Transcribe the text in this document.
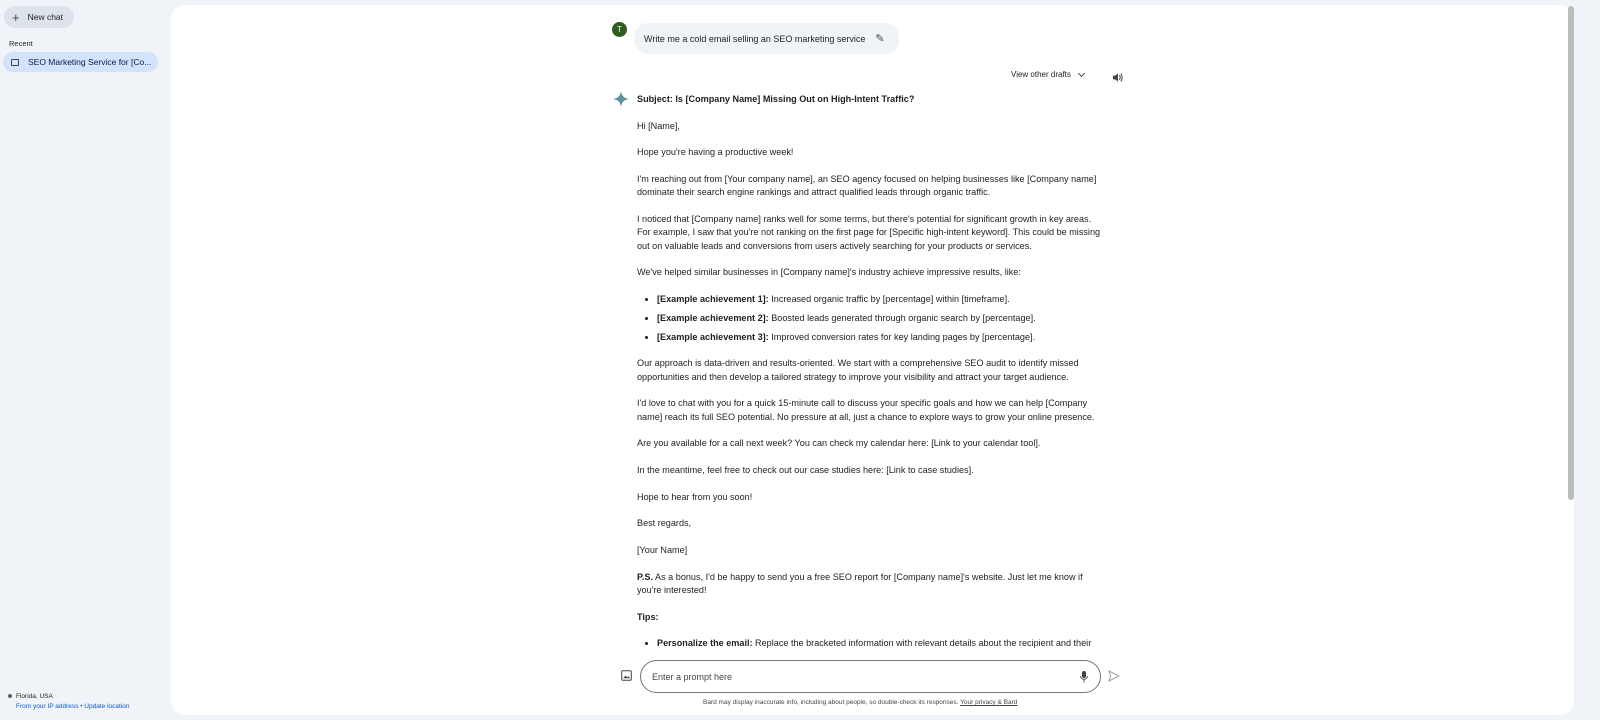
+ New chat
Recent
SEO Marketing Service for [Co...
Florida, USA
From your IP address • Update location
T
Write me a cold email selling an SEO marketing service ✎
View other drafts

Subject: Is [Company Name] Missing Out on High-Intent Traffic?

Hi [Name],

Hope you're having a productive week!

I'm reaching out from [Your company name], an SEO agency focused on helping businesses like [Company name] dominate their search engine rankings and attract qualified leads through organic traffic.

I noticed that [Company name] ranks well for some terms, but there's potential for significant growth in key areas. For example, I saw that you're not ranking on the first page for [Specific high-intent keyword]. This could be missing out on valuable leads and conversions from users actively searching for your products or services.

We've helped similar businesses in [Company name]'s industry achieve impressive results, like:

• [Example achievement 1]: Increased organic traffic by [percentage] within [timeframe].
• [Example achievement 2]: Boosted leads generated through organic search by [percentage].
• [Example achievement 3]: Improved conversion rates for key landing pages by [percentage].

Our approach is data-driven and results-oriented. We start with a comprehensive SEO audit to identify missed opportunities and then develop a tailored strategy to improve your visibility and attract your target audience.

I'd love to chat with you for a quick 15-minute call to discuss your specific goals and how we can help [Company name] reach its full SEO potential. No pressure at all, just a chance to explore ways to grow your online presence.

Are you available for a call next week? You can check my calendar here: [Link to your calendar tool].

In the meantime, feel free to check out our case studies here: [Link to case studies].

Hope to hear from you soon!

Best regards,

[Your Name]

P.S. As a bonus, I'd be happy to send you a free SEO report for [Company name]'s website. Just let me know if you're interested!

Tips:

• Personalize the email: Replace the bracketed information with relevant details about the recipient and their
Enter a prompt here
Bard may display inaccurate info, including about people, so double-check its responses. Your privacy & Bard
